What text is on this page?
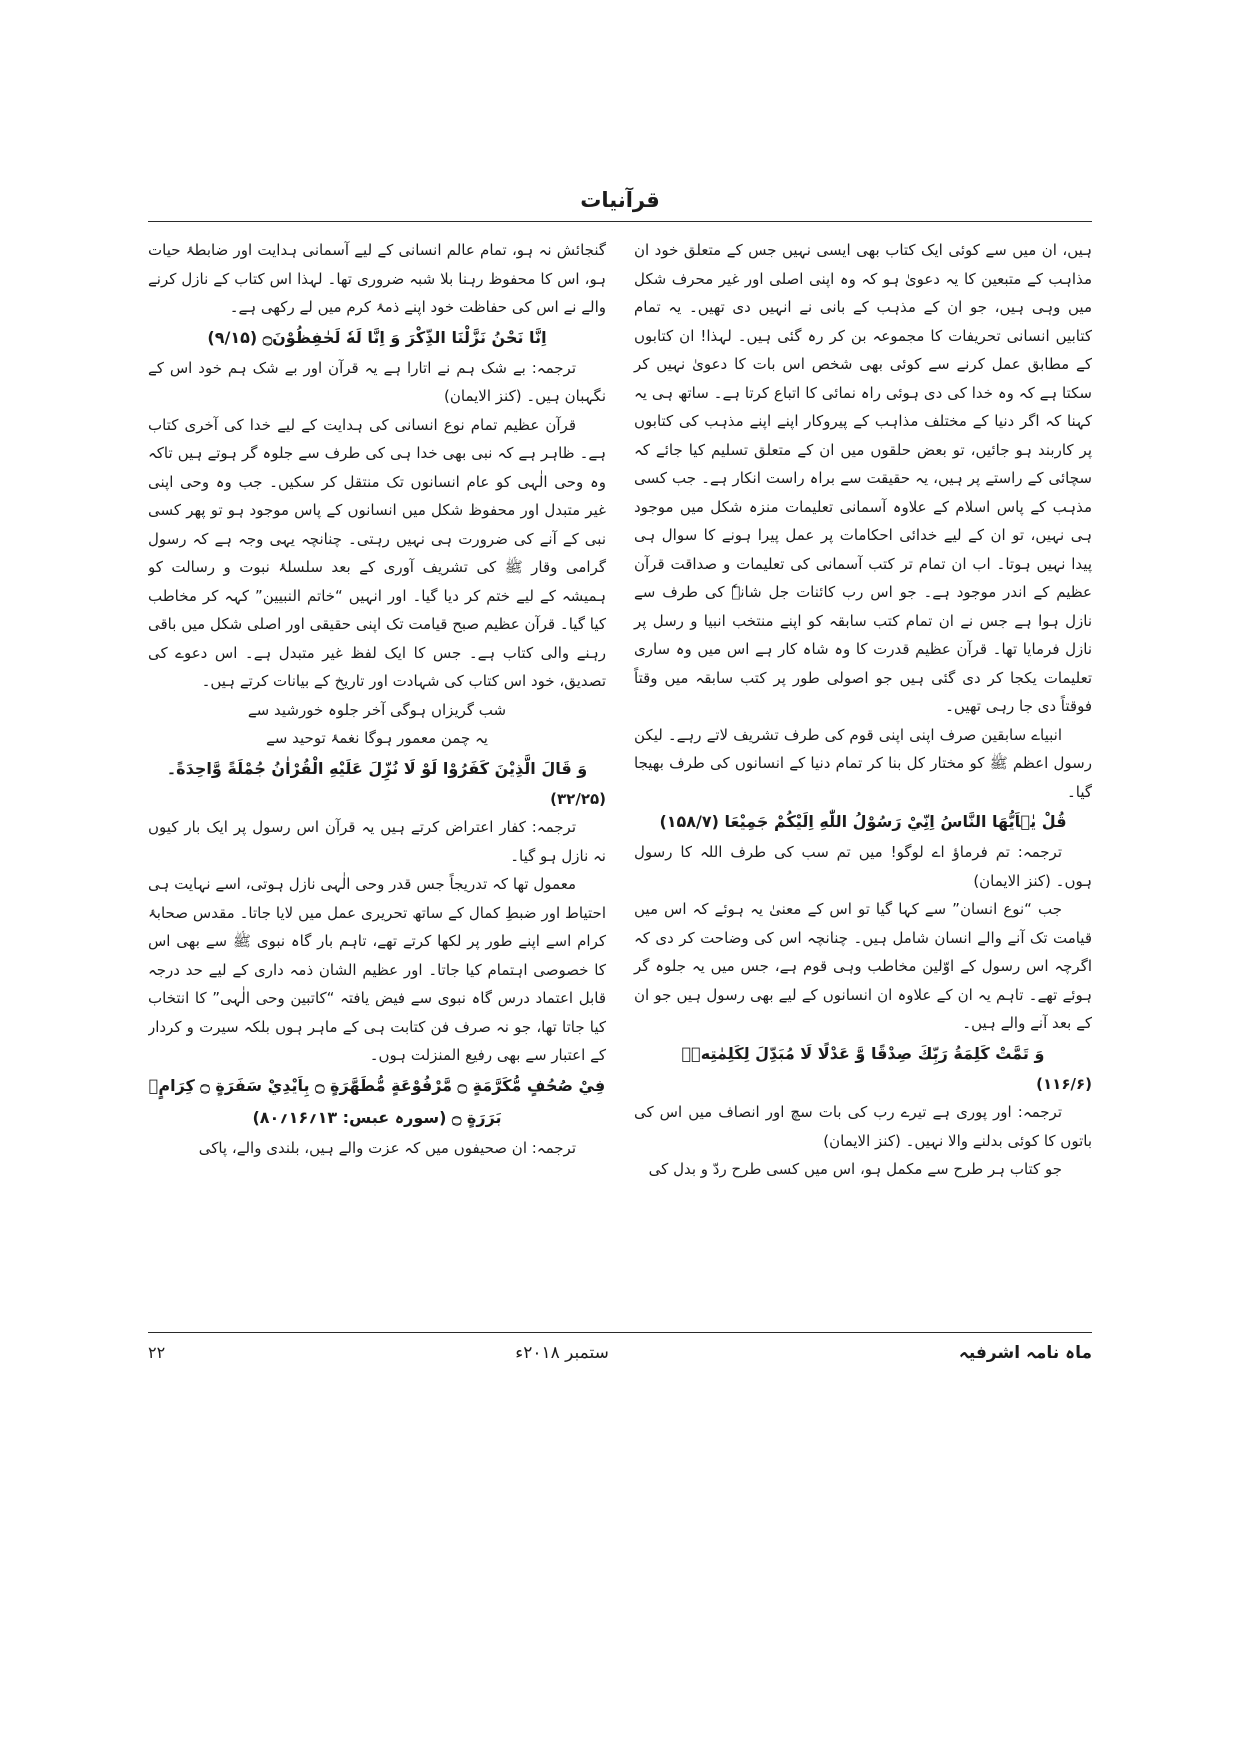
قرآنیات

ہیں، ان میں سے کوئی ایک کتاب بھی ایسی نہیں جس کے متعلق خود ان مذاہب کے متبعین کا یہ دعویٰ ہو کہ وہ اپنی اصلی اور غیر محرف شکل میں وہی ہیں، جو ان کے مذہب کے بانی نے انہیں دی تھیں۔ یہ تمام کتابیں انسانی تحریفات کا مجموعہ بن کر رہ گئی ہیں۔ لہذا! ان کتابوں کے مطابق عمل کرنے سے کوئی بھی شخص اس بات کا دعویٰ نہیں کر سکتا ہے کہ وہ خدا کی دی ہوئی راہ نمائی کا اتباع کرتا ہے۔ ساتھ ہی یہ کہنا کہ اگر دنیا کے مختلف مذاہب کے پیروکار اپنے اپنے مذہب کی کتابوں پر کاربند ہو جائیں، تو بعض حلقوں میں ان کے متعلق تسلیم کیا جائے کہ سچائی کے راستے پر ہیں، یہ حقیقت سے براہ راست انکار ہے۔ جب کسی مذہب کے پاس اسلام کے علاوہ آسمانی تعلیمات منزہ شکل میں موجود ہی نہیں، تو ان کے لیے خدائی احکامات پر عمل پیرا ہونے کا سوال ہی پیدا نہیں ہوتا۔ اب ان تمام تر کتب آسمانی کی تعلیمات و صداقت قرآن عظیم کے اندر موجود ہے۔ جو اس رب کائنات جل شانہٗ کی طرف سے نازل ہوا ہے جس نے ان تمام کتب سابقہ کو اپنے منتخب انبیا و رسل پر نازل فرمایا تھا۔ قرآن عظیم قدرت کا وہ شاہ کار ہے اس میں وہ ساری تعلیمات یکجا کر دی گئی ہیں جو اصولی طور پر کتب سابقہ میں وقتاً فوقتاً دی جا رہی تھیں۔

انبیاے سابقین صرف اپنی اپنی قوم کی طرف تشریف لاتے رہے۔ لیکن رسول اعظم ﷺ کو مختار کل بنا کر تمام دنیا کے انسانوں کی طرف بھیجا گیا۔

قُلْ يٰۤاَيُّهَا النَّاسُ اِنِّيْ رَسُوْلُ اللّٰهِ اِلَيْكُمْ جَمِيْعَا (۱۵۸/۷)

ترجمہ: تم فرماؤ اے لوگو! میں تم سب کی طرف اللہ کا رسول ہوں۔ (کنز الایمان)

جب “نوع انسان” سے کہا گیا تو اس کے معنیٰ یہ ہوئے کہ اس میں قیامت تک آنے والے انسان شامل ہیں۔ چنانچہ اس کی وضاحت کر دی کہ اگرچہ اس رسول کے اوّلین مخاطب وہی قوم ہے، جس میں یہ جلوہ گر ہوئے تھے۔ تاہم یہ ان کے علاوہ ان انسانوں کے لیے بھی رسول ہیں جو ان کے بعد آنے والے ہیں۔

وَ تَمَّتْ كَلِمَةُ رَبِّكَ صِدْقًا وَّ عَدْلًا لَا مُبَدِّلَ لِكَلِمٰتِهٖ۔

(۱۱۶/۶)

ترجمہ: اور پوری ہے تیرے رب کی بات سچ اور انصاف میں اس کی باتوں کا کوئی بدلنے والا نہیں۔ (کنز الایمان)

جو کتاب ہر طرح سے مکمل ہو، اس میں کسی طرح ردّ و بدل کی

گنجائش نہ ہو، تمام عالم انسانی کے لیے آسمانی ہدایت اور ضابطۂ حیات ہو، اس کا محفوظ رہنا بلا شبہ ضروری تھا۔ لہذا اس کتاب کے نازل کرنے والے نے اس کی حفاظت خود اپنے ذمۂ کرم میں لے رکھی ہے۔

اِنَّا نَحْنُ نَزَّلْنَا الذِّكْرَ وَ اِنَّا لَهٗ لَحٰفِظُوْنَ۝ (۹/۱۵)

ترجمہ: بے شک ہم نے اتارا ہے یہ قرآن اور بے شک ہم خود اس کے نگہبان ہیں۔ (کنز الایمان)

قرآن عظیم تمام نوع انسانی کی ہدایت کے لیے خدا کی آخری کتاب ہے۔ ظاہر ہے کہ نبی بھی خدا ہی کی طرف سے جلوہ گر ہوتے ہیں تاکہ وہ وحی الٰہی کو عام انسانوں تک منتقل کر سکیں۔ جب وہ وحی اپنی غیر متبدل اور محفوظ شکل میں انسانوں کے پاس موجود ہو تو پھر کسی نبی کے آنے کی ضرورت ہی نہیں رہتی۔ چنانچہ یہی وجہ ہے کہ رسول گرامی وقار ﷺ کی تشریف آوری کے بعد سلسلۂ نبوت و رسالت کو ہمیشہ کے لیے ختم کر دیا گیا۔ اور انہیں “خاتم النبیین” کہہ کر مخاطب کیا گیا۔ قرآن عظیم صبح قیامت تک اپنی حقیقی اور اصلی شکل میں باقی رہنے والی کتاب ہے۔ جس کا ایک لفظ غیر متبدل ہے۔ اس دعوے کی تصدیق، خود اس کتاب کی شہادت اور تاریخ کے بیانات کرتے ہیں۔

شب گریزاں ہوگی آخر جلوہ خورشید سے

یہ چمن معمور ہوگا نغمۂ توحید سے

وَ قَالَ الَّذِيْنَ كَفَرُوْا لَوْ لَا نُزِّلَ عَلَيْهِ الْقُرْاٰنُ جُمْلَةً وَّاحِدَةً۔

(۳۲/۲۵)

ترجمہ: کفار اعتراض کرتے ہیں یہ قرآن اس رسول پر ایک بار کیوں نہ نازل ہو گیا۔

معمول تھا کہ تدریجاً جس قدر وحی الٰہی نازل ہوتی، اسے نہایت ہی احتیاط اور ضبطِ کمال کے ساتھ تحریری عمل میں لایا جاتا۔ مقدس صحابۂ کرام اسے اپنے طور پر لکھا کرتے تھے، تاہم بار گاہ نبوی ﷺ سے بھی اس کا خصوصی اہتمام کیا جاتا۔ اور عظیم الشان ذمہ داری کے لیے حد درجہ قابل اعتماد درس گاہ نبوی سے فیض یافتہ “کاتبین وحی الٰہی” کا انتخاب کیا جاتا تھا، جو نہ صرف فن کتابت ہی کے ماہر ہوں بلکہ سیرت و کردار کے اعتبار سے بھی رفیع المنزلت ہوں۔

فِيْ صُحُفٍ مُّكَرَّمَةٍ ۝ مَّرْفُوْعَةٍ مُّطَهَّرَةٍ ۝ بِاَيْدِيْ سَفَرَةٍ ۝ كِرَامٍۭ بَرَرَةٍ ۝ (سورہ عبس: ۱۳؍۱۶؍۸۰)

ترجمہ: ان صحیفوں میں کہ عزت والے ہیں، بلندی والے، پاکی

ماہ نامہ اشرفیہ
ستمبر ۲۰۱۸ء
۲۲
